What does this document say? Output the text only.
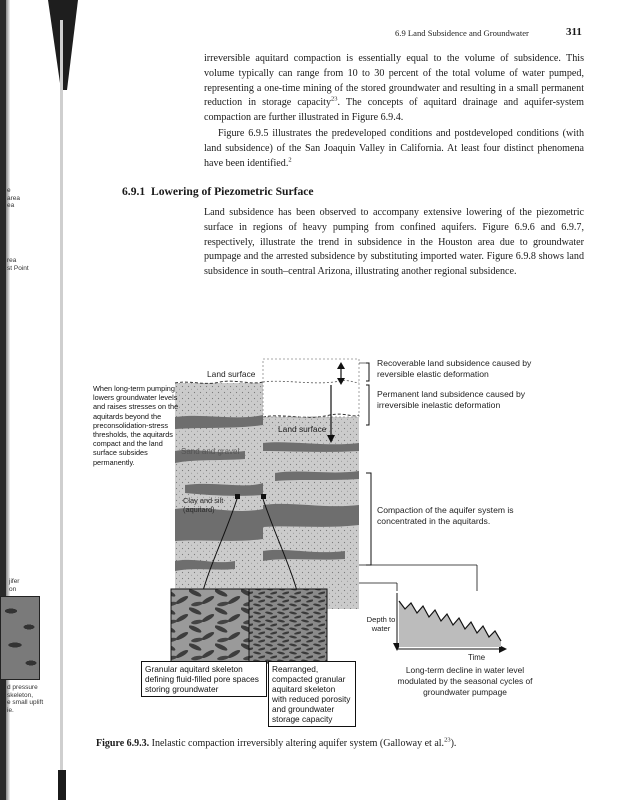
e
area
ea
rea
st Point
jifer
on
d pressure
skeleton,
e small uplift
ie.
6.9 Land Subsidence and Groundwater	311

irreversible aquitard compaction is essentially equal to the volume of subsidence. This volume typically can range from 10 to 30 percent of the total volume of water pumped, representing a one-time mining of the stored groundwater and resulting in a small permanent reduction in storage capacity$^{23}$. The concepts of aquitard drainage and aquifer-system compaction are further illustrated in Figure 6.9.4.

Figure 6.9.5 illustrates the predeveloped conditions and postdeveloped conditions (with land subsidence) of the San Joaquin Valley in California. At least four distinct phenomena have been identified.$^2$

6.9.1 Lowering of Piezometric Surface

Land subsidence has been observed to accompany extensive lowering of the piezometric surface in regions of heavy pumping from confined aquifers. Figure 6.9.6 and 6.9.7, respectively, illustrate the trend in subsidence in the Houston area due to groundwater pumpage and the arrested subsidence by substituting imported water. Figure 6.9.8 shows land subsidence in south–central Arizona, illustrating another regional subsidence.

When long-term pumping lowers groundwater levels and raises stresses on the aquitards beyond the preconsolidation-stress thresholds, the aquitards compact and the land surface subsides permanently.
Land surface
Land surface
Sand and gravel
Clay and silt (aquitard)
Recoverable land subsidence caused by reversible elastic deformation
Permanent land subsidence caused by irreversible inelastic deformation
Compaction of the aquifer system is concentrated in the aquitards.
Depth to water
Time
Long-term decline in water level modulated by the seasonal cycles of groundwater pumpage
Granular aquitard skeleton defining fluid-filled pore spaces storing groundwater
Rearranged, compacted granular aquitard skeleton with reduced porosity and groundwater storage capacity
Figure 6.9.3. Inelastic compaction irreversibly altering aquifer system (Galloway et al.$^{23}$).
